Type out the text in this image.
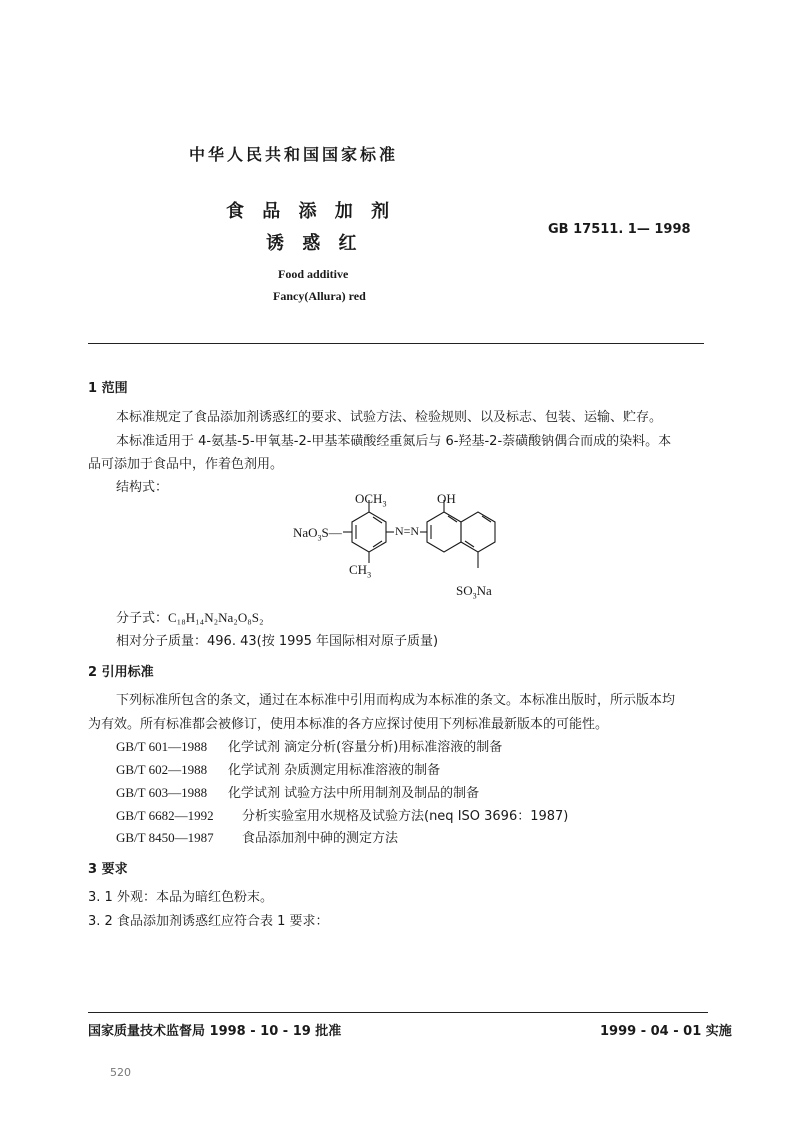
中华人民共和国国家标准
食 品 添 加 剂
诱 惑 红
GB 17511. 1— 1998
Food additive
Fancy(Allura) red
1 范围
本标准规定了食品添加剂诱惑红的要求、试验方法、检验规则、以及标志、包装、运输、贮存。
本标准适用于 4-氨基-5-甲氧基-2-甲基苯磺酸经重氮后与 6-羟基-2-萘磺酸钠偶合而成的染料。本
品可添加于食品中，作着色剂用。
结构式：
$OCH_3$	OH
NaO$_3$S—	N=N
$CH_3$
$SO_3Na$
分子式：C₁₈H₁₄N₂Na₂O₈S₂
相对分子质量：496. 43(按 1995 年国际相对原子质量)
2 引用标准
下列标准所包含的条文，通过在本标准中引用而构成为本标准的条文。本标准出版时，所示版本均
为有效。所有标准都会被修订，使用本标准的各方应探讨使用下列标准最新版本的可能性。
GB/T 601—1988 化学试剂 滴定分析(容量分析)用标准溶液的制备
GB/T 602—1988 化学试剂 杂质测定用标准溶液的制备
GB/T 603—1988 化学试剂 试验方法中所用制剂及制品的制备
GB/T 6682—1992 分析实验室用水规格及试验方法(neq ISO 3696：1987)
GB/T 8450—1987 食品添加剂中砷的测定方法
3 要求
3. 1 外观：本品为暗红色粉末。
3. 2 食品添加剂诱惑红应符合表 1 要求：
国家质量技术监督局 1998 - 10 - 19 批准	1999 - 04 - 01 实施
520
